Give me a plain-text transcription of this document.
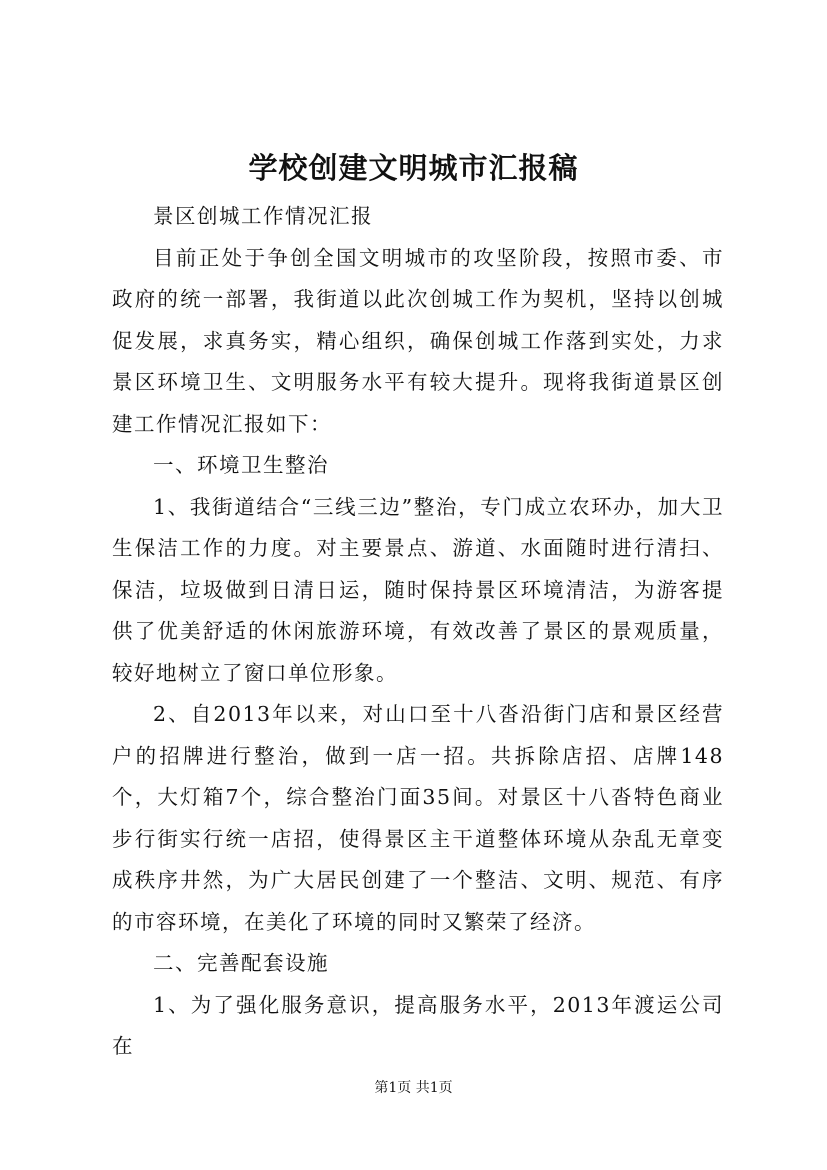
学校创建文明城市汇报稿

景区创城工作情况汇报

目前正处于争创全国文明城市的攻坚阶段，按照市委、市政府的统一部署，我街道以此次创城工作为契机，坚持以创城促发展，求真务实，精心组织，确保创城工作落到实处，力求景区环境卫生、文明服务水平有较大提升。现将我街道景区创建工作情况汇报如下：

一、环境卫生整治

1、我街道结合“三线三边”整治，专门成立农环办，加大卫生保洁工作的力度。对主要景点、游道、水面随时进行清扫、保洁，垃圾做到日清日运，随时保持景区环境清洁，为游客提供了优美舒适的休闲旅游环境，有效改善了景区的景观质量，较好地树立了窗口单位形象。

2、自2013年以来，对山口至十八沓沿街门店和景区经营户的招牌进行整治，做到一店一招。共拆除店招、店牌148个，大灯箱7个，综合整治门面35间。对景区十八沓特色商业步行街实行统一店招，使得景区主干道整体环境从杂乱无章变成秩序井然，为广大居民创建了一个整洁、文明、规范、有序的市容环境，在美化了环境的同时又繁荣了经济。

二、完善配套设施

1、为了强化服务意识，提高服务水平，2013年渡运公司在

第1页 共1页
